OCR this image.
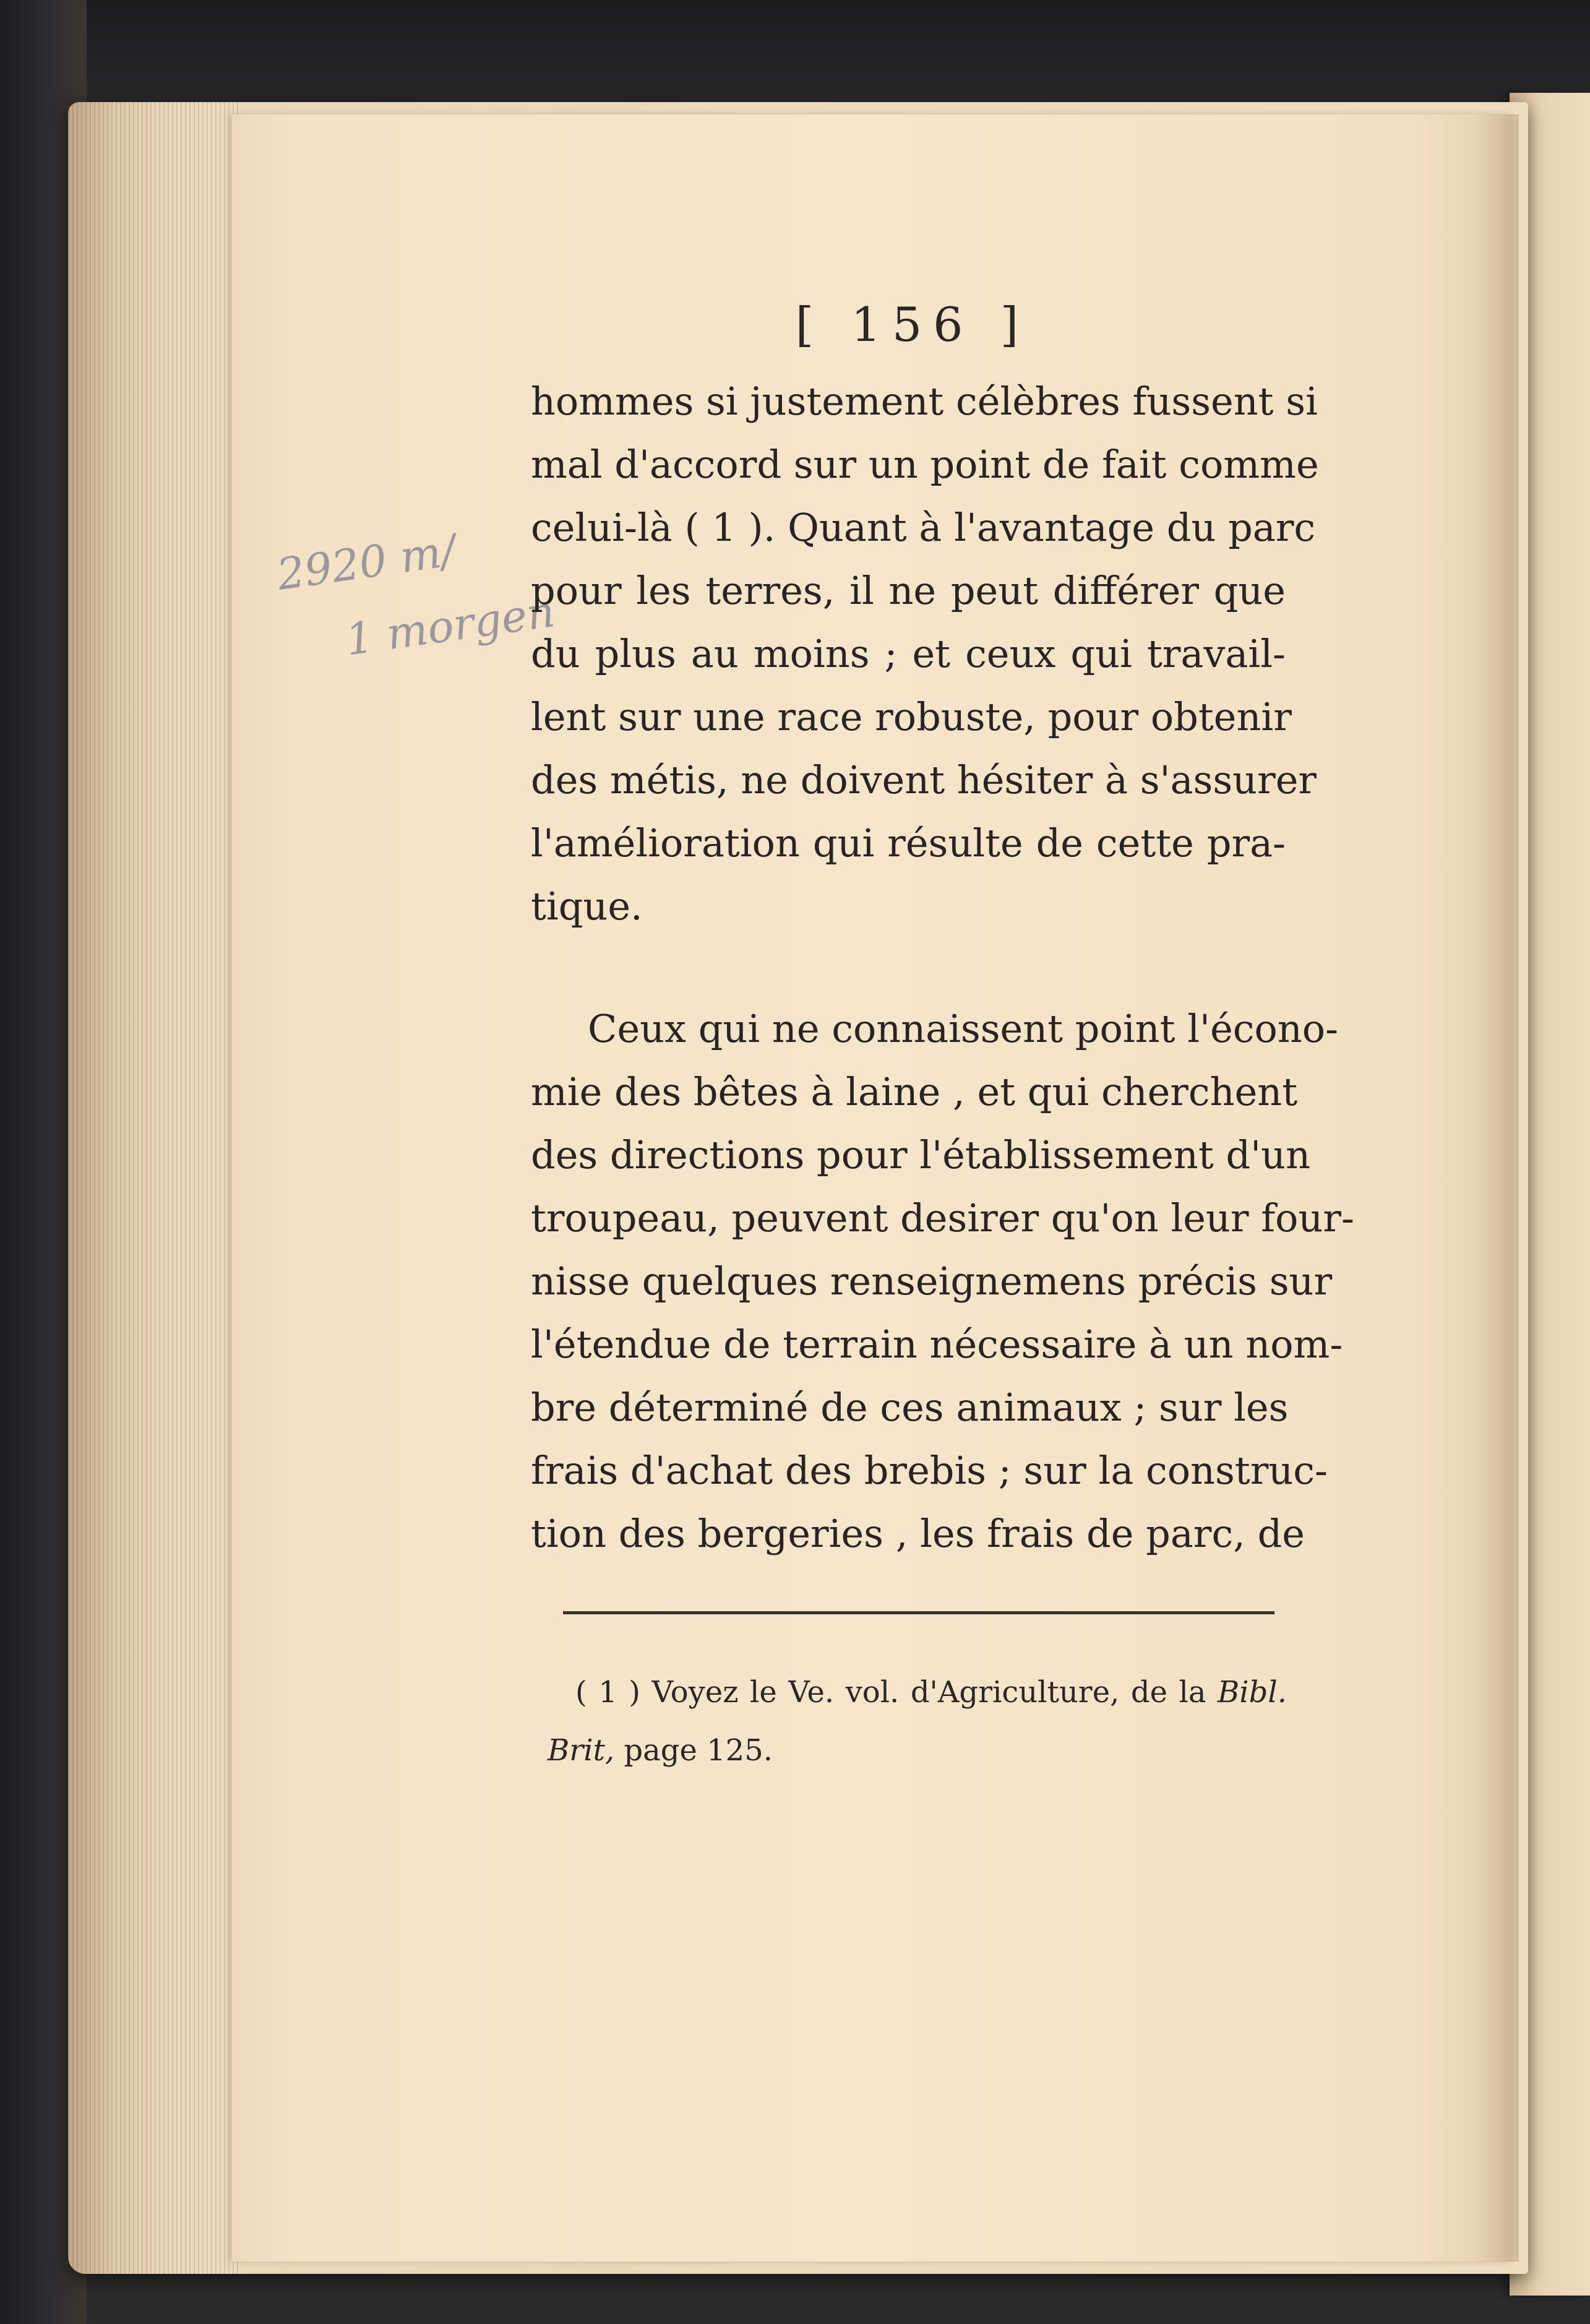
[ 156 ]
2920 m/
1 morgen
hommes si justement célèbres fussent si
mal d'accord sur un point de fait comme
celui-là ( 1 ). Quant à l'avantage du parc
pour les terres, il ne peut différer que
du plus au moins ; et ceux qui travail-
lent sur une race robuste, pour obtenir
des métis, ne doivent hésiter à s'assurer
l'amélioration qui résulte de cette pra-
tique.
Ceux qui ne connaissent point l'écono-
mie des bêtes à laine , et qui cherchent
des directions pour l'établissement d'un
troupeau, peuvent desirer qu'on leur four-
nisse quelques renseignemens précis sur
l'étendue de terrain nécessaire à un nom-
bre déterminé de ces animaux ; sur les
frais d'achat des brebis ; sur la construc-
tion des bergeries , les frais de parc, de
( 1 ) Voyez le Ve. vol. d'Agriculture, de la Bibl.
Brit, page 125.
